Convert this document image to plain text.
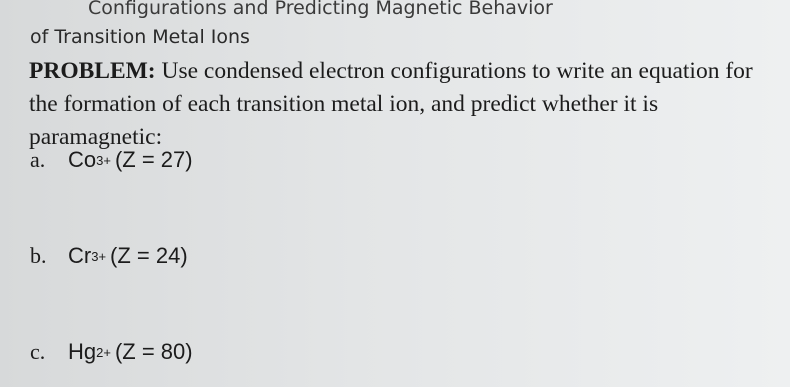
Configurations and Predicting Magnetic Behavior
of Transition Metal Ions
PROBLEM: Use condensed electron configurations to write an equation for the formation of each transition metal ion, and predict whether it is paramagnetic:
a.	$Co^{3+}$ (Z = 27)
b. $Cr^{3+}$ (Z = 24)
c.	$Hg^{2+}$ (Z = 80)
